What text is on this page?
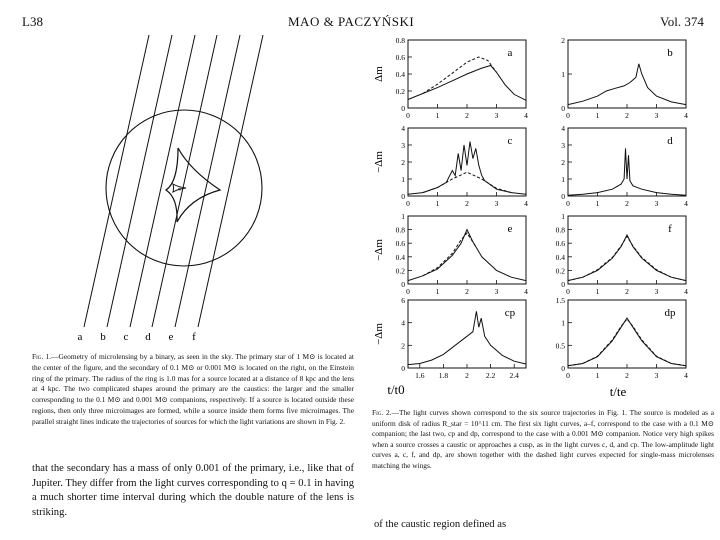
L38	MAO & PACZYŃSKI	Vol. 374
+
a b c d e f
Fig. 1.—Geometry of microlensing by a binary, as seen in the sky. The primary star of 1 M⊙ is located at the center of the figure, and the secondary of 0.1 M⊙ or 0.001 M⊙ is located on the right, on the Einstein ring of the primary. The radius of the ring is 1.0 mas for a source located at a distance of 8 kpc and the lens at 4 kpc. The two complicated shapes around the primary are the caustics: the larger and the smaller corresponding to the 0.1 M⊙ and 0.001 M⊙ companions, respectively. If a source is located outside these regions, then only three microimages are formed, while a source inside them forms five microimages. The parallel straight lines indicate the trajectories of sources for which the light variations are shown in Fig. 2.
that the secondary has a mass of only 0.001 of the primary, i.e., like that of Jupiter. They differ from the light curves corresponding to q = 0.1 in having a much shorter time interval during which the double nature of the lens is striking.
t/t0	t/te
0
0.2
0.4
0.6
0.8
0	1	2	3	4
a
Δm
0
1
2
0	1	2	3	4
b
0
1
2
3
4
0	1	2	3	4
c
−Δm
0
1
2
3
4
0	1	2	3	4
d
0
0.2
0.4
0.6
0.8
1
0	1	2	3	4
e
−Δm
0
0.2
0.4
0.6
0.8
1
0	1	2	3	4
f
0
2
4
6
1.6 1.8 2 2.2 2.4
cp
−Δm
0
0.5
1
1.5
0	1	2	3	4
dp
Fig. 2.—The light curves shown correspond to the six source trajectories in Fig. 1. The source is modeled as a uniform disk of radius R_star = 10^11 cm. The first six light curves, a–f, correspond to the case with a 0.1 M⊙ companion; the last two, cp and dp, correspond to the case with a 0.001 M⊙ companion. Notice very high spikes when a source crosses a caustic or approaches a cusp, as in the light curves c, d, and cp. The low-amplitude light curves a, c, f, and dp, are shown together with the dashed light curves expected for single-mass microlenses matching the wings.
of the caustic region defined as
